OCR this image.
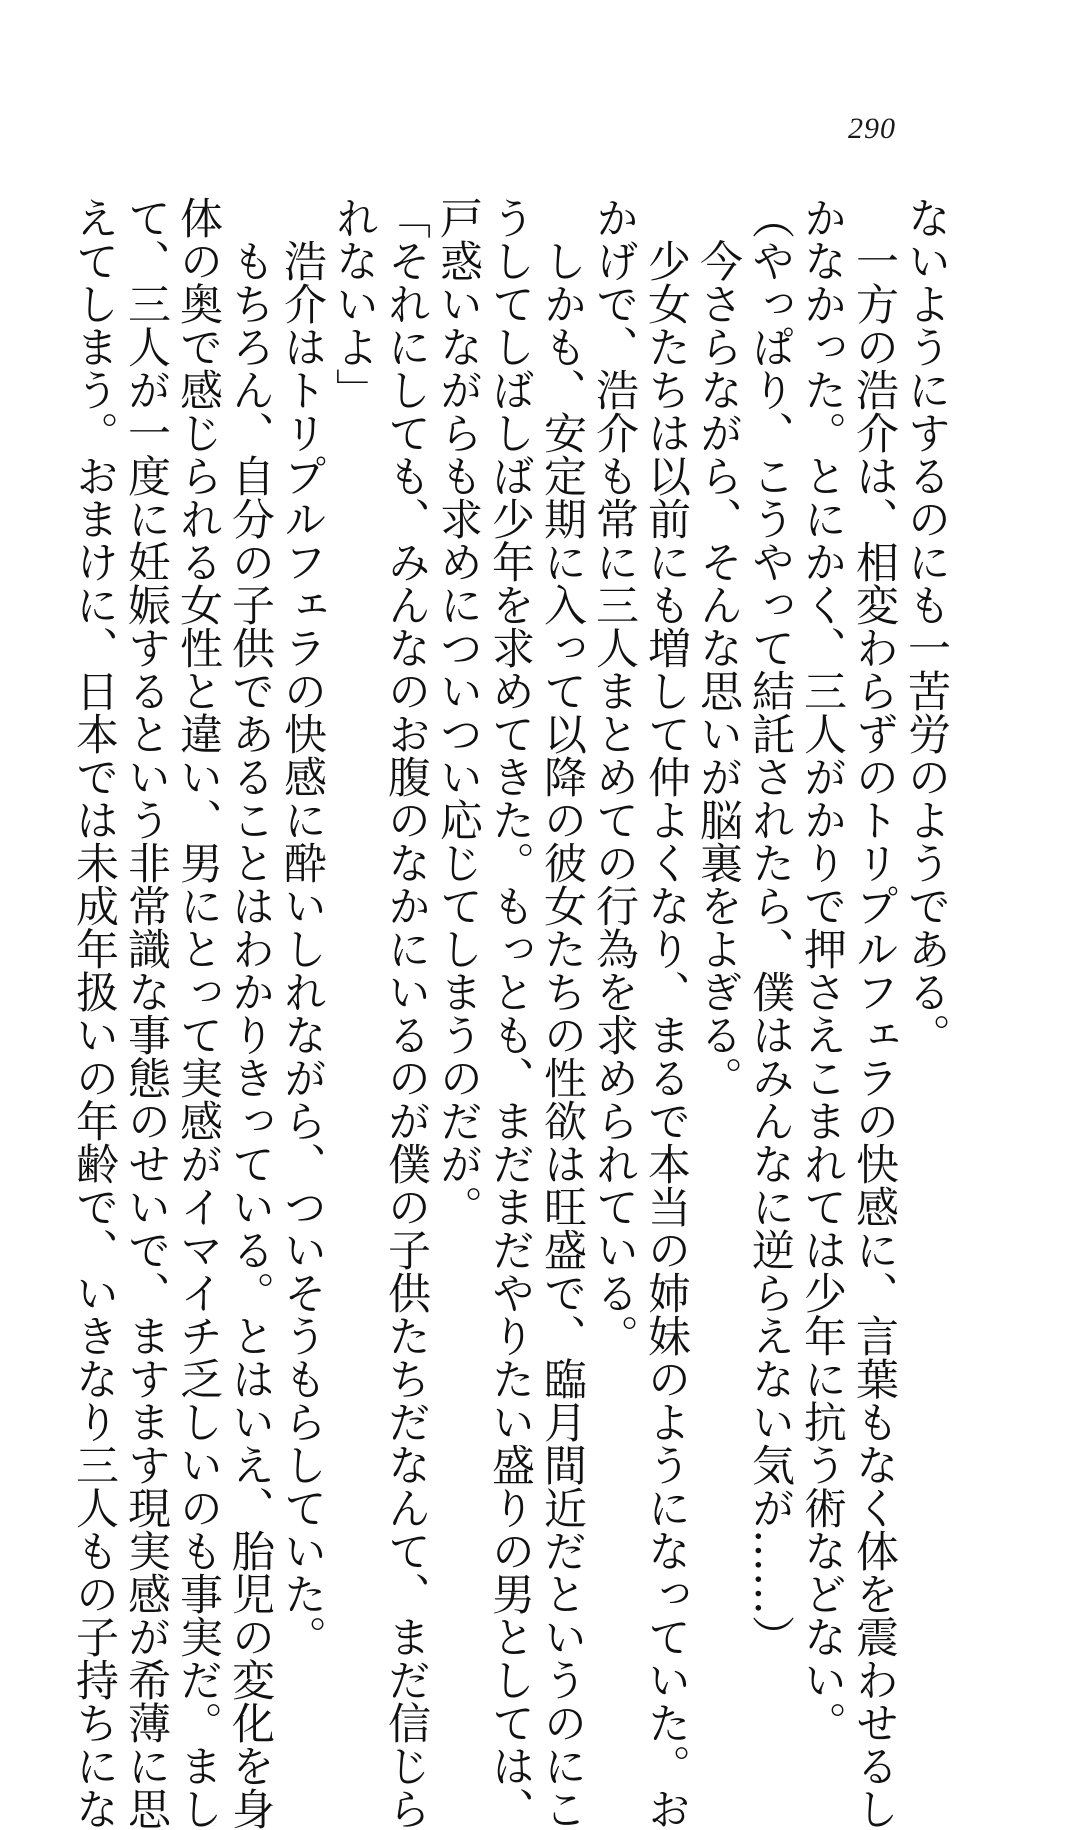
290
ないようにするのにも一苦労のようである。
　一方の浩介は、相変わらずのトリプルフェラの快感に、言葉もなく体を震わせるし
かなかった。とにかく、三人がかりで押さえこまれては少年に抗う術などない。
（やっぱり、こうやって結託されたら、僕はみんなに逆らえない気が……）
　今さらながら、そんな思いが脳裏をよぎる。
　少女たちは以前にも増して仲よくなり、まるで本当の姉妹のようになっていた。お
かげで、浩介も常に三人まとめての行為を求められている。
　しかも、安定期に入って以降の彼女たちの性欲は旺盛で、臨月間近だというのにこ
うしてしばしば少年を求めてきた。もっとも、まだまだやりたい盛りの男としては、
戸惑いながらも求めについつい応じてしまうのだが。
「それにしても、みんなのお腹のなかにいるのが僕の子供たちだなんて、まだ信じら
れないよ」
　浩介はトリプルフェラの快感に酔いしれながら、ついそうもらしていた。
　もちろん、自分の子供であることはわかりきっている。とはいえ、胎児の変化を身
体の奥で感じられる女性と違い、男にとって実感がイマイチ乏しいのも事実だ。まし
て、三人が一度に妊娠するという非常識な事態のせいで、ますます現実感が希薄に思
えてしまう。おまけに、日本では未成年扱いの年齢で、いきなり三人もの子持ちにな
